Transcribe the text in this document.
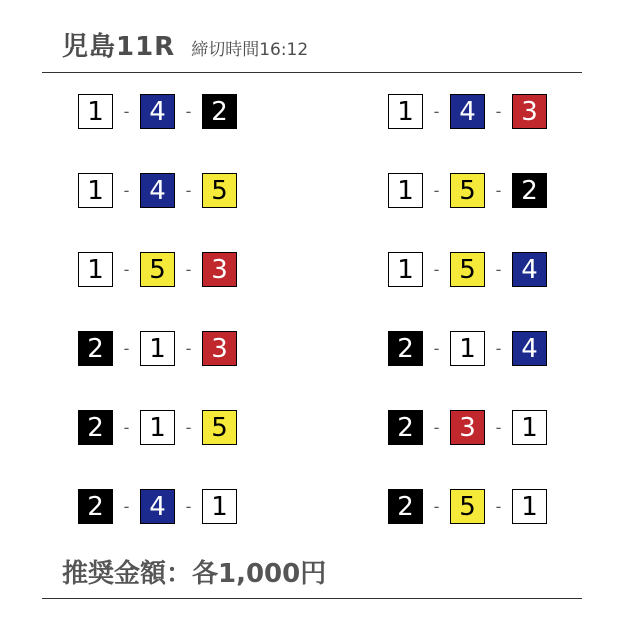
児島11R 締切時間16:12
1	- 4	- 2	1	- 4	- 3
1	- 4	- 5	1	- 5	- 2
1	- 5	- 3	1	- 5	- 4
2	- 1	- 3	2	- 1	- 4
2	- 1	- 5	2	- 3	- 1
2	- 4	- 1	2	- 5	- 1
推奨金額：各1,000円
